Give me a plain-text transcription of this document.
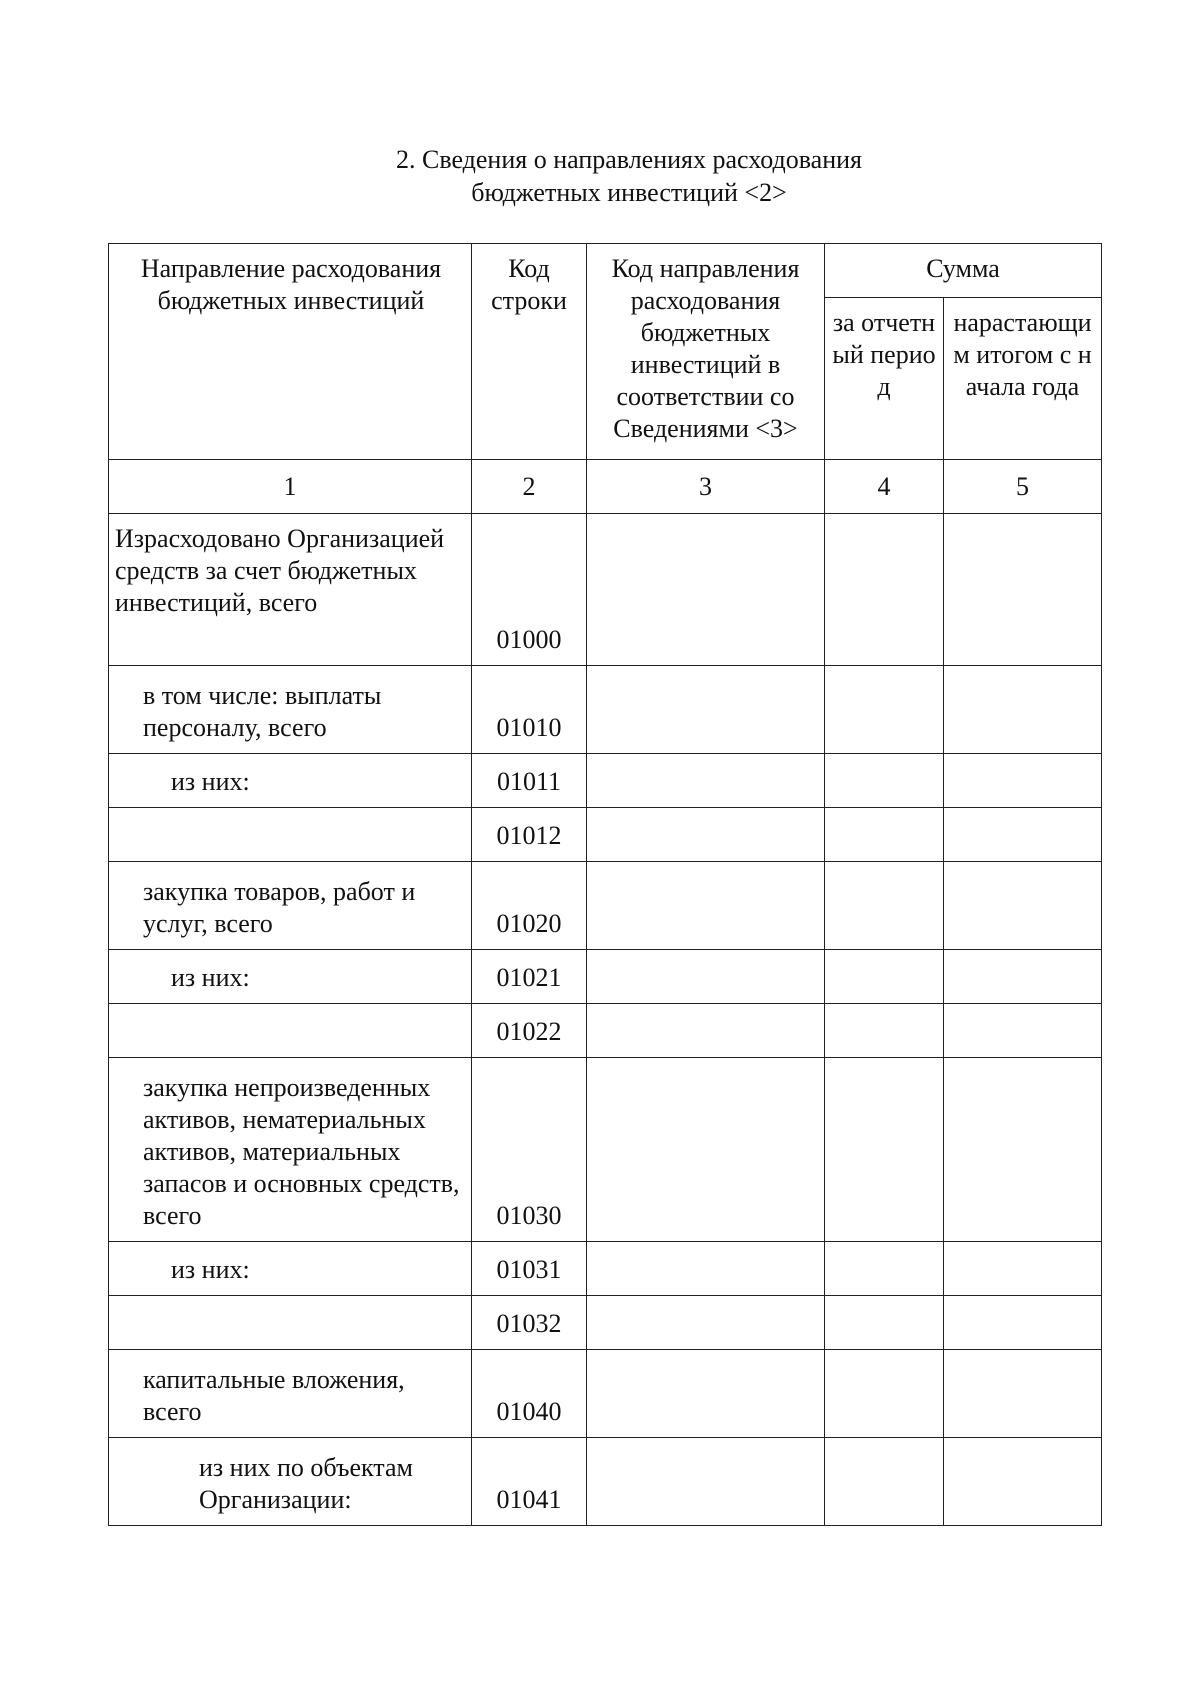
2. Сведения о направлениях расходования
бюджетных инвестиций <2>
Направление расходования бюджетных инвестиций	Код строки	Код направления расходования бюджетных инвестиций в соответствии со Сведениями <3>	Сумма	
			за отчетный период	нарастающим итогом с начала года
1	2	3	4	5
Израсходовано Организацией средств за счет бюджетных инвестиций, всего	01000			
в том числе: выплаты персоналу, всего	01010			
из них:	01011			
	01012			
закупка товаров, работ и услуг, всего	01020			
из них:	01021			
	01022			
закупка непроизведенных активов, нематериальных активов, материальных запасов и основных средств, всего	01030			
из них:	01031			
	01032			
капитальные вложения, всего	01040			
из них по объектам Организации:	01041			
